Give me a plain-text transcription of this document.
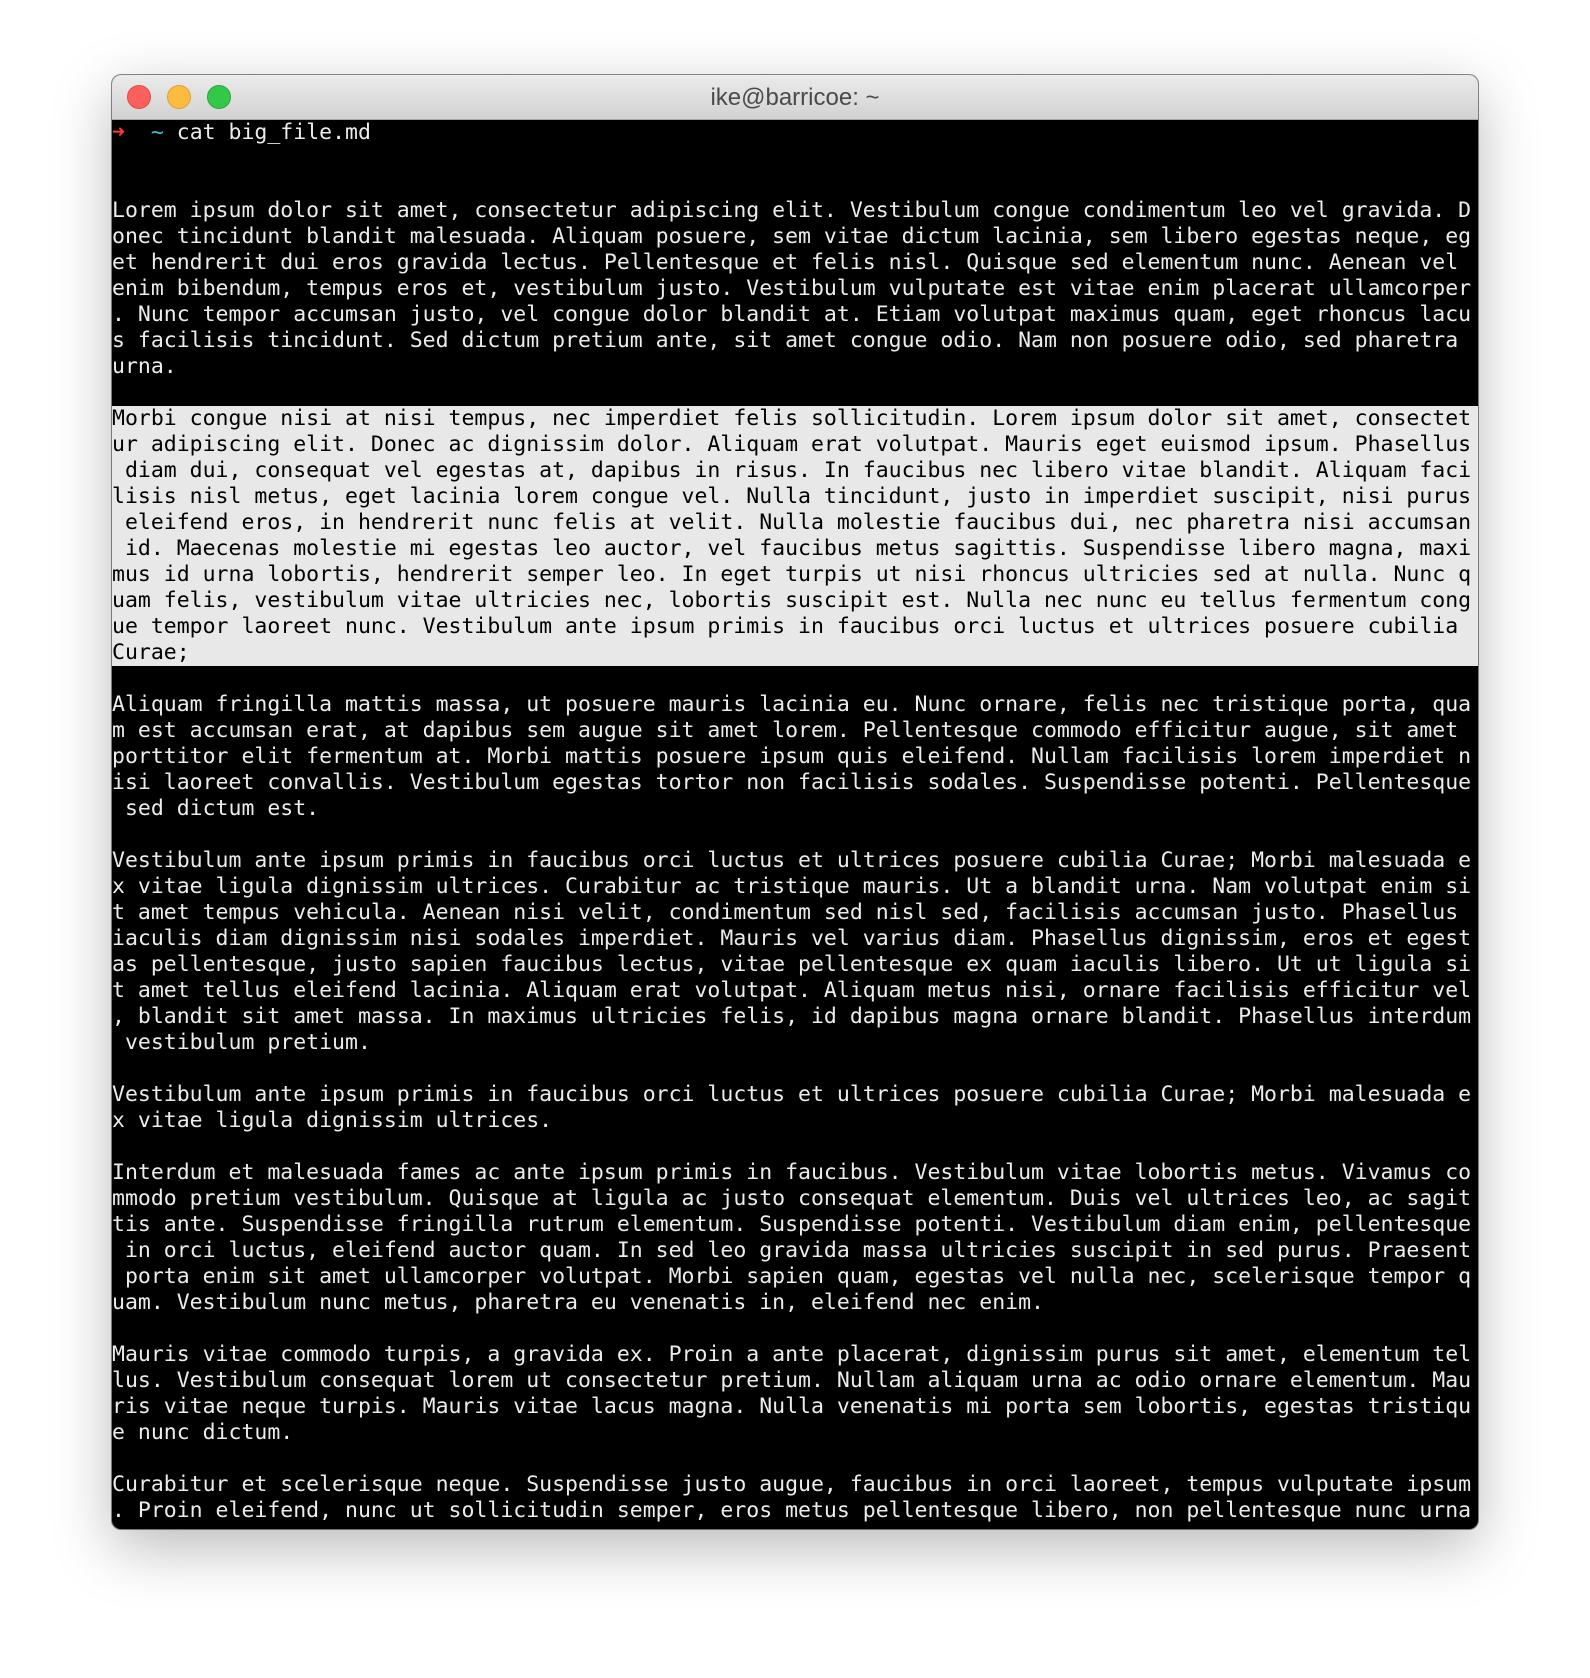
ike@barricoe: ~
➜ ~ cat big_file.md
Lorem ipsum dolor sit amet, consectetur adipiscing elit. Vestibulum congue condimentum leo vel gravida. D
onec tincidunt blandit malesuada. Aliquam posuere, sem vitae dictum lacinia, sem libero egestas neque, eg
et hendrerit dui eros gravida lectus. Pellentesque et felis nisl. Quisque sed elementum nunc. Aenean vel
enim bibendum, tempus eros et, vestibulum justo. Vestibulum vulputate est vitae enim placerat ullamcorper
. Nunc tempor accumsan justo, vel congue dolor blandit at. Etiam volutpat maximus quam, eget rhoncus lacu
s facilisis tincidunt. Sed dictum pretium ante, sit amet congue odio. Nam non posuere odio, sed pharetra
urna.
Morbi congue nisi at nisi tempus, nec imperdiet felis sollicitudin. Lorem ipsum dolor sit amet, consectet
ur adipiscing elit. Donec ac dignissim dolor. Aliquam erat volutpat. Mauris eget euismod ipsum. Phasellus
diam dui, consequat vel egestas at, dapibus in risus. In faucibus nec libero vitae blandit. Aliquam faci
lisis nisl metus, eget lacinia lorem congue vel. Nulla tincidunt, justo in imperdiet suscipit, nisi purus
eleifend eros, in hendrerit nunc felis at velit. Nulla molestie faucibus dui, nec pharetra nisi accumsan
id. Maecenas molestie mi egestas leo auctor, vel faucibus metus sagittis. Suspendisse libero magna, maxi
mus id urna lobortis, hendrerit semper leo. In eget turpis ut nisi rhoncus ultricies sed at nulla. Nunc q
uam felis, vestibulum vitae ultricies nec, lobortis suscipit est. Nulla nec nunc eu tellus fermentum cong
ue tempor laoreet nunc. Vestibulum ante ipsum primis in faucibus orci luctus et ultrices posuere cubilia
Curae;
Aliquam fringilla mattis massa, ut posuere mauris lacinia eu. Nunc ornare, felis nec tristique porta, qua
m est accumsan erat, at dapibus sem augue sit amet lorem. Pellentesque commodo efficitur augue, sit amet
porttitor elit fermentum at. Morbi mattis posuere ipsum quis eleifend. Nullam facilisis lorem imperdiet n
isi laoreet convallis. Vestibulum egestas tortor non facilisis sodales. Suspendisse potenti. Pellentesque
sed dictum est.
Vestibulum ante ipsum primis in faucibus orci luctus et ultrices posuere cubilia Curae; Morbi malesuada e
x vitae ligula dignissim ultrices. Curabitur ac tristique mauris. Ut a blandit urna. Nam volutpat enim si
t amet tempus vehicula. Aenean nisi velit, condimentum sed nisl sed, facilisis accumsan justo. Phasellus
iaculis diam dignissim nisi sodales imperdiet. Mauris vel varius diam. Phasellus dignissim, eros et egest
as pellentesque, justo sapien faucibus lectus, vitae pellentesque ex quam iaculis libero. Ut ut ligula si
t amet tellus eleifend lacinia. Aliquam erat volutpat. Aliquam metus nisi, ornare facilisis efficitur vel
, blandit sit amet massa. In maximus ultricies felis, id dapibus magna ornare blandit. Phasellus interdum
vestibulum pretium.
Vestibulum ante ipsum primis in faucibus orci luctus et ultrices posuere cubilia Curae; Morbi malesuada e
x vitae ligula dignissim ultrices.
Interdum et malesuada fames ac ante ipsum primis in faucibus. Vestibulum vitae lobortis metus. Vivamus co
mmodo pretium vestibulum. Quisque at ligula ac justo consequat elementum. Duis vel ultrices leo, ac sagit
tis ante. Suspendisse fringilla rutrum elementum. Suspendisse potenti. Vestibulum diam enim, pellentesque
in orci luctus, eleifend auctor quam. In sed leo gravida massa ultricies suscipit in sed purus. Praesent
porta enim sit amet ullamcorper volutpat. Morbi sapien quam, egestas vel nulla nec, scelerisque tempor q
uam. Vestibulum nunc metus, pharetra eu venenatis in, eleifend nec enim.
Mauris vitae commodo turpis, a gravida ex. Proin a ante placerat, dignissim purus sit amet, elementum tel
lus. Vestibulum consequat lorem ut consectetur pretium. Nullam aliquam urna ac odio ornare elementum. Mau
ris vitae neque turpis. Mauris vitae lacus magna. Nulla venenatis mi porta sem lobortis, egestas tristiqu
e nunc dictum.
Curabitur et scelerisque neque. Suspendisse justo augue, faucibus in orci laoreet, tempus vulputate ipsum
. Proin eleifend, nunc ut sollicitudin semper, eros metus pellentesque libero, non pellentesque nunc urna
